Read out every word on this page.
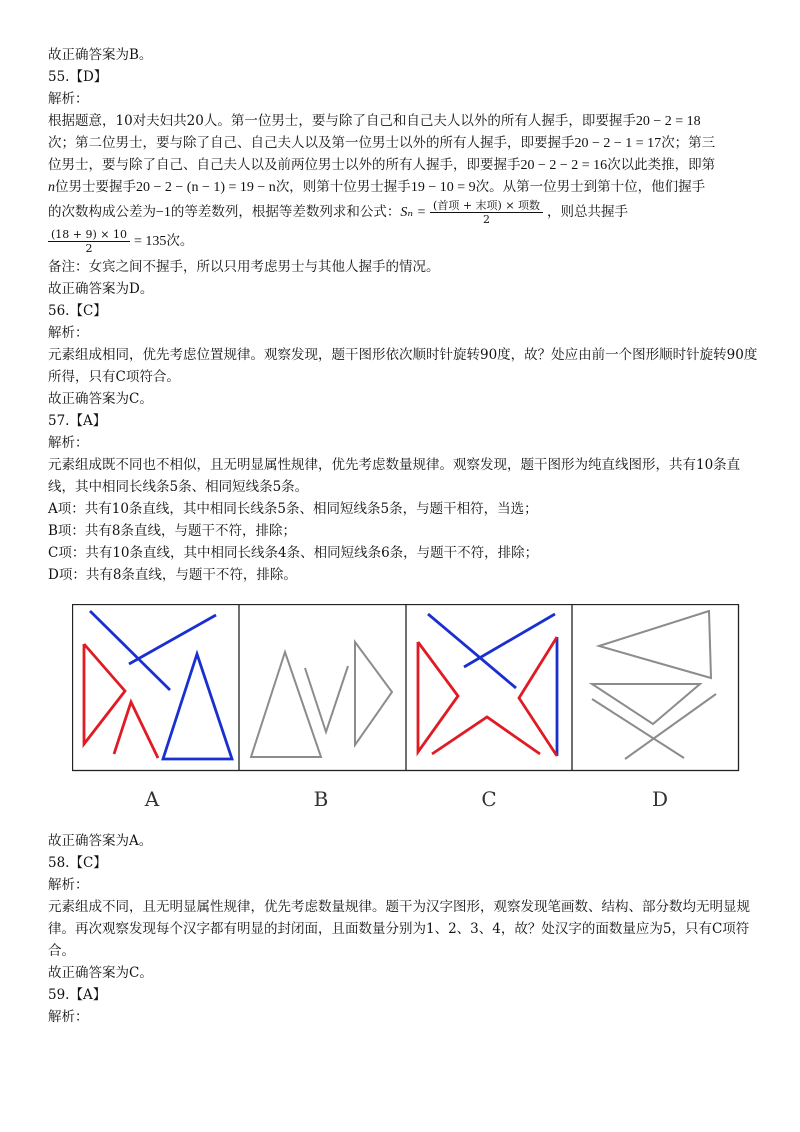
故正确答案为B。
55.【D】
解析：
根据题意，10对夫妇共20人。第一位男士，要与除了自己和自己夫人以外的所有人握手，即要握手20 − 2 = 18
次；第二位男士，要与除了自己、自己夫人以及第一位男士以外的所有人握手，即要握手20 − 2 − 1 = 17次；第三
位男士，要与除了自己、自己夫人以及前两位男士以外的所有人握手，即要握手20 − 2 − 2 = 16次以此类推，即第
n位男士要握手20 − 2 − (n − 1) = 19 − n次，则第十位男士握手19 − 10 = 9次。从第一位男士到第十位，他们握手
的次数构成公差为−1的等差数列，根据等差数列求和公式：$S_n = \frac{\text{(首项 + 末项) × 项数}}{2}$ ，则总共握手
$\frac{(18 + 9) \times 10}{2} = 135$次。
备注：女宾之间不握手，所以只用考虑男士与其他人握手的情况。
故正确答案为D。
56.【C】
解析：
元素组成相同，优先考虑位置规律。观察发现，题干图形依次顺时针旋转90度，故？处应由前一个图形顺时针旋转90度所得，只有C项符合。
故正确答案为C。
57.【A】
解析：
元素组成既不同也不相似，且无明显属性规律，优先考虑数量规律。观察发现，题干图形为纯直线图形，共有10条直线，其中相同长线条5条、相同短线条5条。
A项：共有10条直线，其中相同长线条5条、相同短线条5条，与题干相符，当选；
B项：共有8条直线，与题干不符，排除；
C项：共有10条直线，其中相同长线条4条、相同短线条6条，与题干不符，排除；
D项：共有8条直线，与题干不符，排除。
A	B	C	D
故正确答案为A。
58.【C】
解析：
元素组成不同，且无明显属性规律，优先考虑数量规律。题干为汉字图形，观察发现笔画数、结构、部分数均无明显规律。再次观察发现每个汉字都有明显的封闭面，且面数量分别为1、2、3、4，故？处汉字的面数量应为5，只有C项符合。
故正确答案为C。
59.【A】
解析：
